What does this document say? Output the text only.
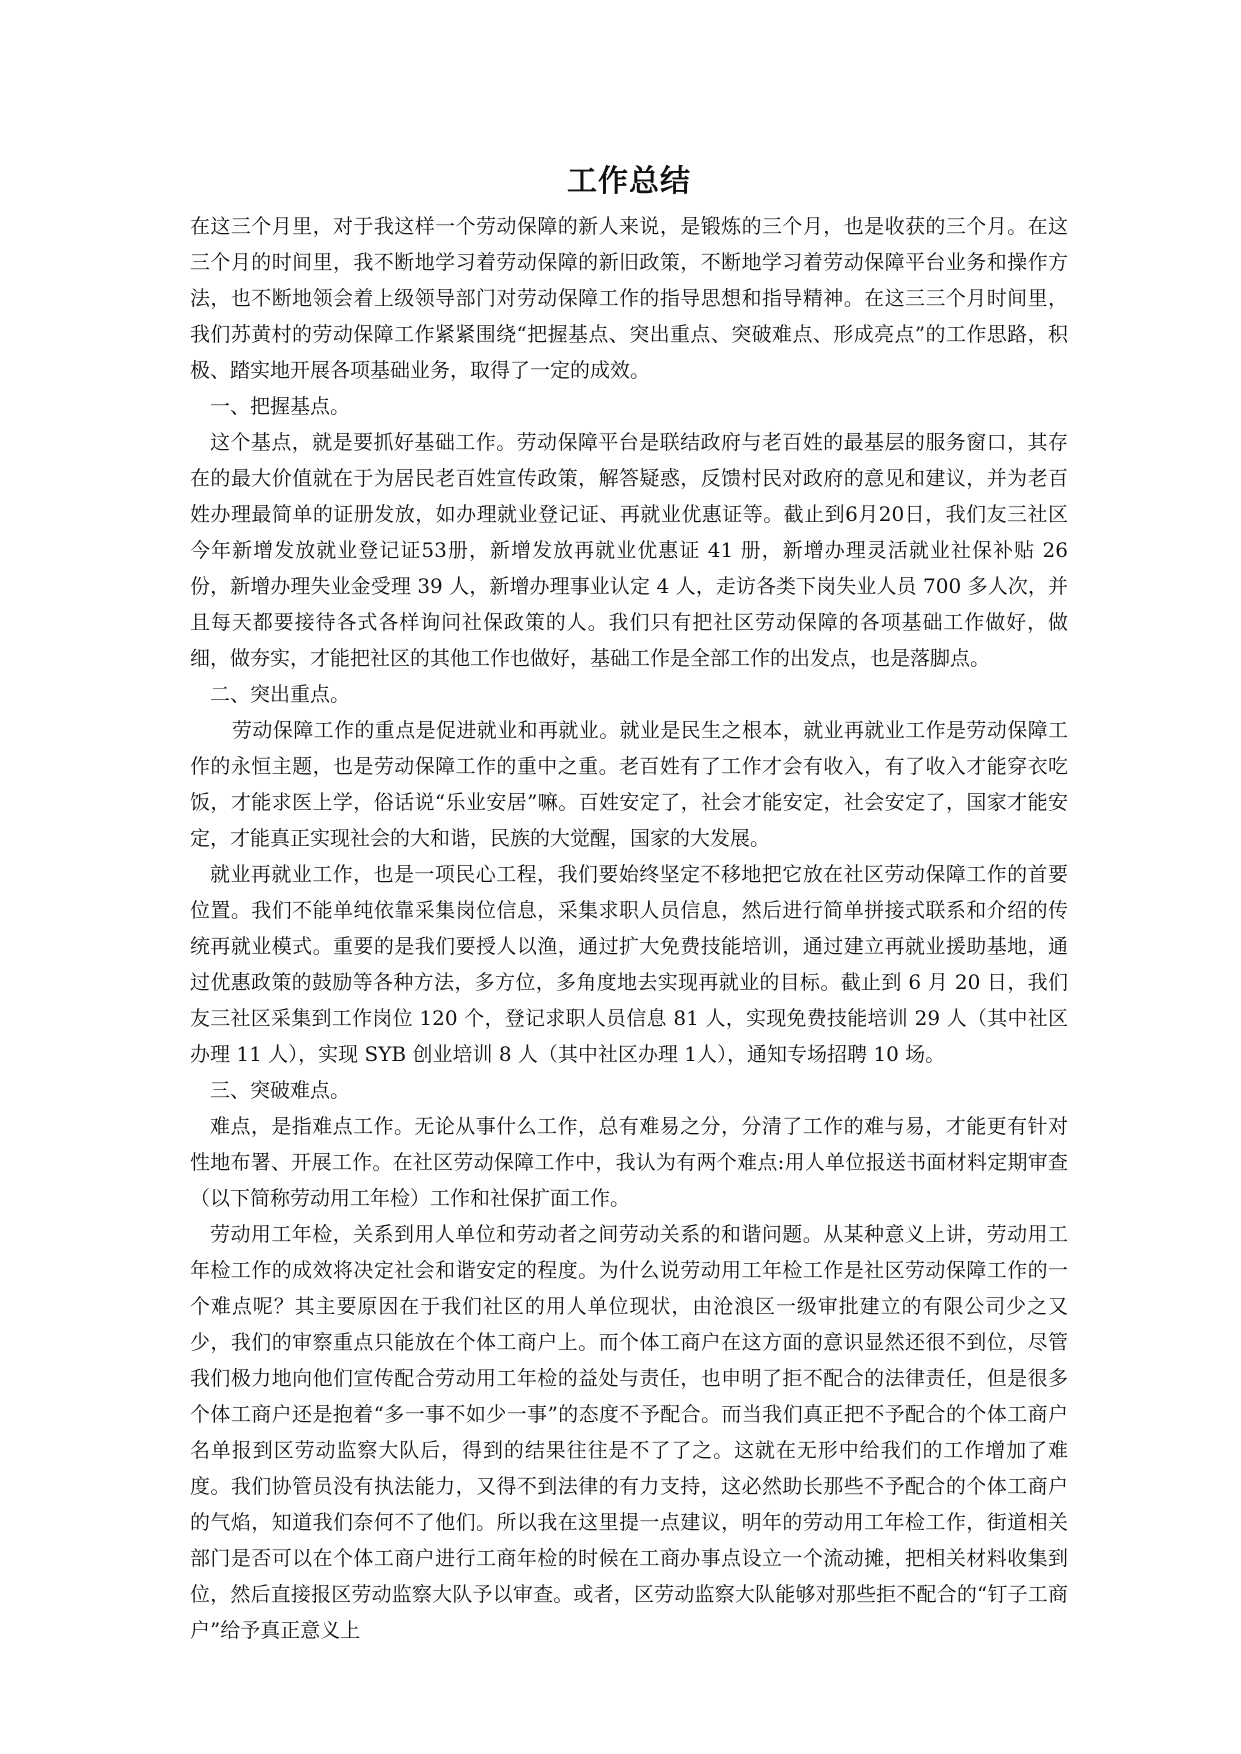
工作总结

在这三个月里，对于我这样一个劳动保障的新人来说，是锻炼的三个月，也是收获的三个月。在这三个月的时间里，我不断地学习着劳动保障的新旧政策，不断地学习着劳动保障平台业务和操作方法，也不断地领会着上级领导部门对劳动保障工作的指导思想和指导精神。在这三三个月时间里，我们苏黄村的劳动保障工作紧紧围绕“把握基点、突出重点、突破难点、形成亮点”的工作思路，积极、踏实地开展各项基础业务，取得了一定的成效。

一、把握基点。

这个基点，就是要抓好基础工作。劳动保障平台是联结政府与老百姓的最基层的服务窗口，其存在的最大价值就在于为居民老百姓宣传政策，解答疑惑，反馈村民对政府的意见和建议，并为老百姓办理最简单的证册发放，如办理就业登记证、再就业优惠证等。截止到6月20日，我们友三社区今年新增发放就业登记证53册，新增发放再就业优惠证 41 册，新增办理灵活就业社保补贴 26 份，新增办理失业金受理 39 人，新增办理事业认定 4 人，走访各类下岗失业人员 700 多人次，并且每天都要接待各式各样询问社保政策的人。我们只有把社区劳动保障的各项基础工作做好，做细，做夯实，才能把社区的其他工作也做好，基础工作是全部工作的出发点，也是落脚点。

二、突出重点。

劳动保障工作的重点是促进就业和再就业。就业是民生之根本，就业再就业工作是劳动保障工作的永恒主题，也是劳动保障工作的重中之重。老百姓有了工作才会有收入，有了收入才能穿衣吃饭，才能求医上学，俗话说“乐业安居”嘛。百姓安定了，社会才能安定，社会安定了，国家才能安定，才能真正实现社会的大和谐，民族的大觉醒，国家的大发展。

就业再就业工作，也是一项民心工程，我们要始终坚定不移地把它放在社区劳动保障工作的首要位置。我们不能单纯依靠采集岗位信息，采集求职人员信息，然后进行简单拼接式联系和介绍的传统再就业模式。重要的是我们要授人以渔，通过扩大免费技能培训，通过建立再就业援助基地，通过优惠政策的鼓励等各种方法，多方位，多角度地去实现再就业的目标。截止到 6 月 20 日，我们友三社区采集到工作岗位 120 个，登记求职人员信息 81 人，实现免费技能培训 29 人（其中社区办理 11 人），实现 SYB 创业培训 8 人（其中社区办理 1人），通知专场招聘 10 场。

三、突破难点。

难点，是指难点工作。无论从事什么工作，总有难易之分，分清了工作的难与易，才能更有针对性地布署、开展工作。在社区劳动保障工作中，我认为有两个难点:用人单位报送书面材料定期审查（以下简称劳动用工年检）工作和社保扩面工作。

劳动用工年检，关系到用人单位和劳动者之间劳动关系的和谐问题。从某种意义上讲，劳动用工年检工作的成效将决定社会和谐安定的程度。为什么说劳动用工年检工作是社区劳动保障工作的一个难点呢？其主要原因在于我们社区的用人单位现状，由沧浪区一级审批建立的有限公司少之又少，我们的审察重点只能放在个体工商户上。而个体工商户在这方面的意识显然还很不到位，尽管我们极力地向他们宣传配合劳动用工年检的益处与责任，也申明了拒不配合的法律责任，但是很多个体工商户还是抱着“多一事不如少一事”的态度不予配合。而当我们真正把不予配合的个体工商户名单报到区劳动监察大队后，得到的结果往往是不了了之。这就在无形中给我们的工作增加了难度。我们协管员没有执法能力，又得不到法律的有力支持，这必然助长那些不予配合的个体工商户的气焰，知道我们奈何不了他们。所以我在这里提一点建议，明年的劳动用工年检工作，街道相关部门是否可以在个体工商户进行工商年检的时候在工商办事点设立一个流动摊，把相关材料收集到位，然后直接报区劳动监察大队予以审查。或者，区劳动监察大队能够对那些拒不配合的“钉子工商户”给予真正意义上
